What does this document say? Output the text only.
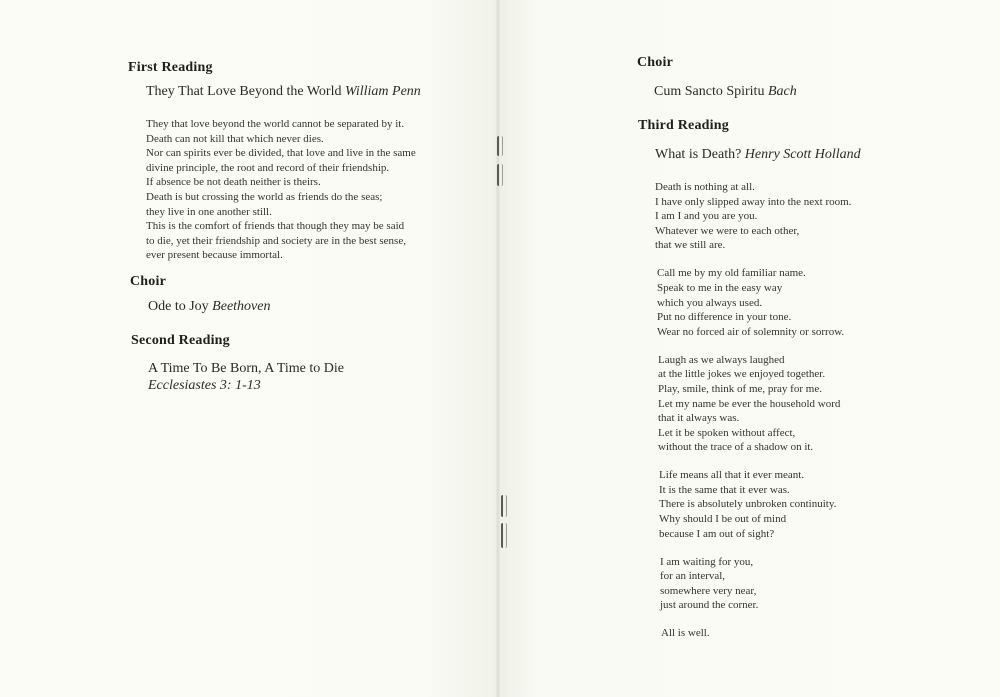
First Reading
They That Love Beyond the World William Penn
They that love beyond the world cannot be separated by it.
Death can not kill that which never dies.
Nor can spirits ever be divided, that love and live in the same
divine principle, the root and record of their friendship.
If absence be not death neither is theirs.
Death is but crossing the world as friends do the seas;
they live in one another still.
This is the comfort of friends that though they may be said
to die, yet their friendship and society are in the best sense,
ever present because immortal.
Choir
Ode to Joy Beethoven
Second Reading
A Time To Be Born, A Time to Die
Ecclesiastes 3: 1-13
Choir
Cum Sancto Spiritu Bach
Third Reading
What is Death? Henry Scott Holland
Death is nothing at all.
I have only slipped away into the next room.
I am I and you are you.
Whatever we were to each other,
that we still are.
Call me by my old familiar name.
Speak to me in the easy way
which you always used.
Put no difference in your tone.
Wear no forced air of solemnity or sorrow.
Laugh as we always laughed
at the little jokes we enjoyed together.
Play, smile, think of me, pray for me.
Let my name be ever the household word
that it always was.
Let it be spoken without affect,
without the trace of a shadow on it.
Life means all that it ever meant.
It is the same that it ever was.
There is absolutely unbroken continuity.
Why should I be out of mind
because I am out of sight?
I am waiting for you,
for an interval,
somewhere very near,
just around the corner.
All is well.
